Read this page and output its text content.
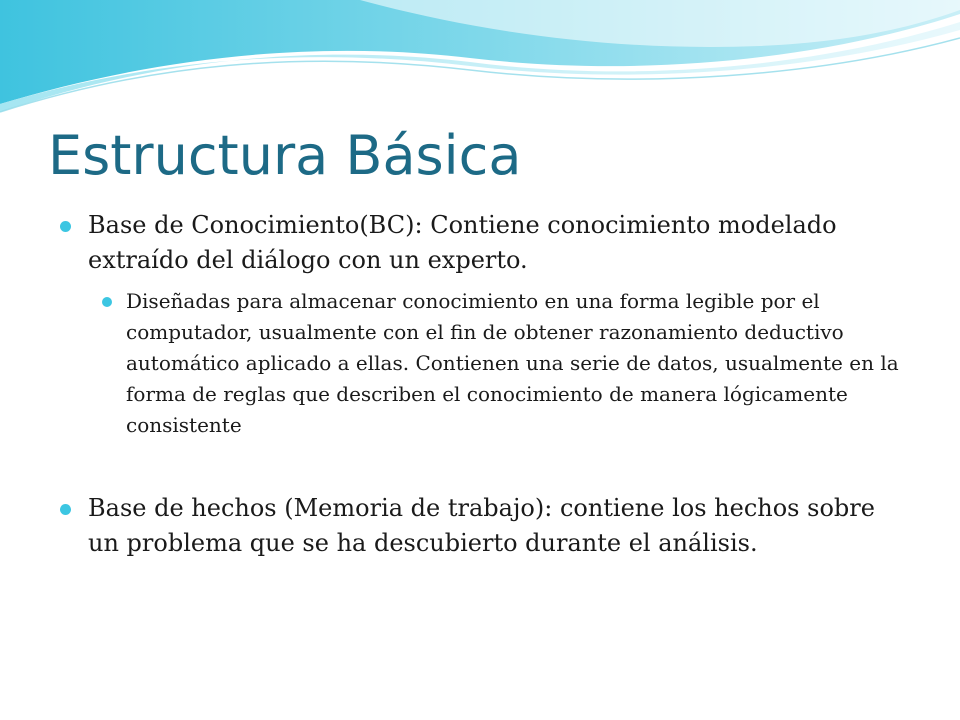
Estructura Básica

Base de Conocimiento(BC): Contiene conocimiento modelado extraído del diálogo con un experto.

Diseñadas para almacenar conocimiento en una forma legible por el computador, usualmente con el fin de obtener razonamiento deductivo automático aplicado a ellas. Contienen una serie de datos, usualmente en la forma de reglas que describen el conocimiento de manera lógicamente consistente

Base de hechos (Memoria de trabajo): contiene los hechos sobre un problema que se ha descubierto durante el análisis.
